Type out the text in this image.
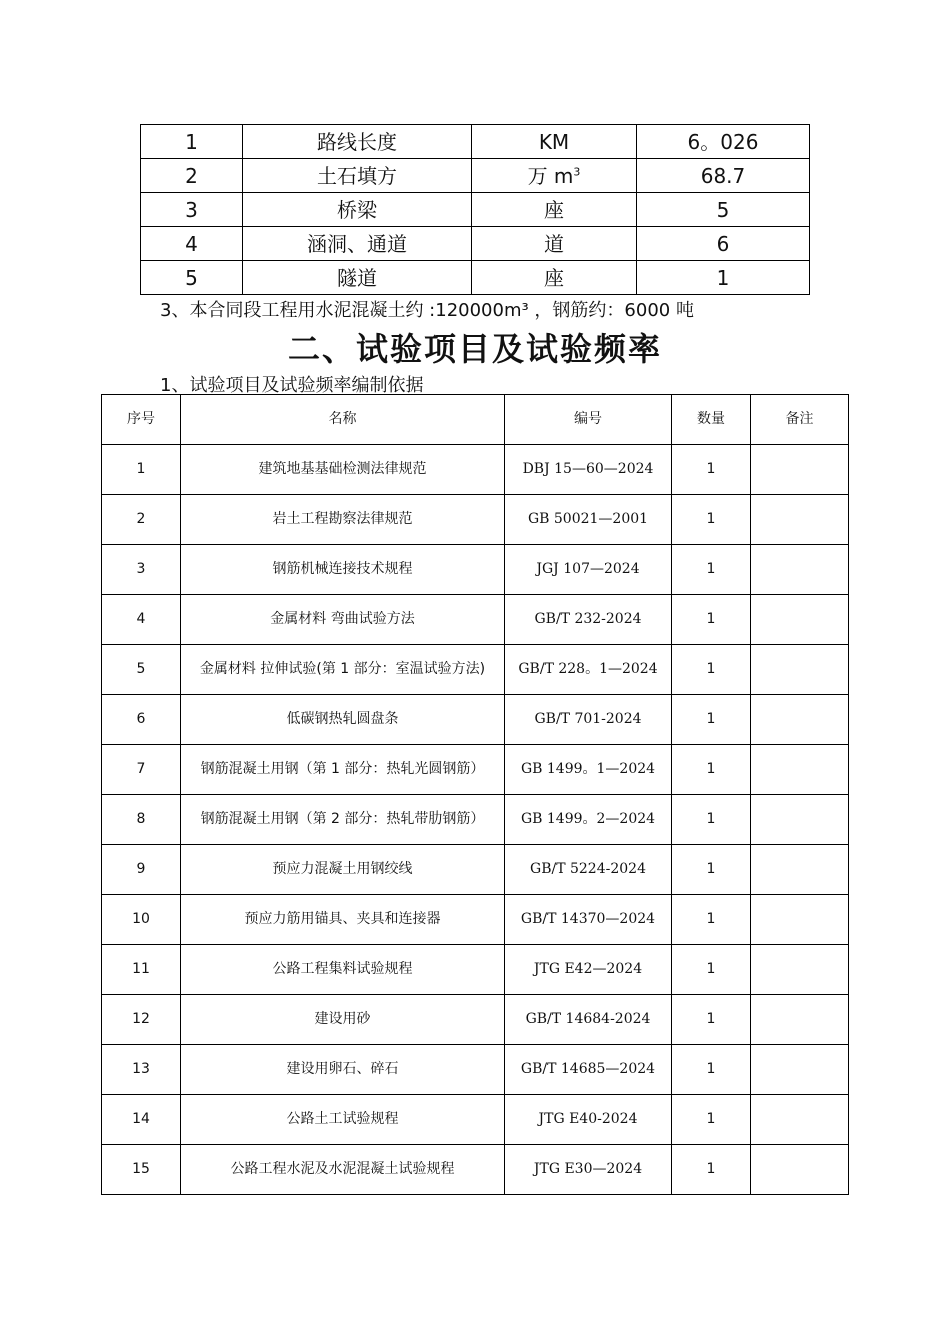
1	路线长度	KM	6。026
2	土石填方	万 $m^3$	68.7
3	桥梁	座	5
4	涵洞、通道	道	6
5	隧道	座	1
3、本合同段工程用水泥混凝土约 :120000m³ ，钢筋约：6000 吨
二、试验项目及试验频率
1、试验项目及试验频率编制依据
序号	名称	编号	数量	备注
1	建筑地基基础检测法律规范	DBJ 15—60—2024	1	
2	岩土工程勘察法律规范	GB 50021—2001	1	
3	钢筋机械连接技术规程	JGJ 107—2024	1	
4	金属材料 弯曲试验方法	GB/T 232-2024	1	
5	金属材料 拉伸试验(第 1 部分：室温试验方法)	GB/T 228。1—2024	1	
6	低碳钢热轧圆盘条	GB/T 701-2024	1	
7	钢筋混凝土用钢（第 1 部分：热轧光圆钢筋）	GB 1499。1—2024	1	
8	钢筋混凝土用钢（第 2 部分：热轧带肋钢筋）	GB 1499。2—2024	1	
9	预应力混凝土用钢绞线	GB/T 5224-2024	1	
10	预应力筋用锚具、夹具和连接器	GB/T 14370—2024	1	
11	公路工程集料试验规程	JTG E42—2024	1	
12	建设用砂	GB/T 14684-2024	1	
13	建设用卵石、碎石	GB/T 14685—2024	1	
14	公路土工试验规程	JTG E40-2024	1	
15	公路工程水泥及水泥混凝土试验规程	JTG E30—2024	1	
